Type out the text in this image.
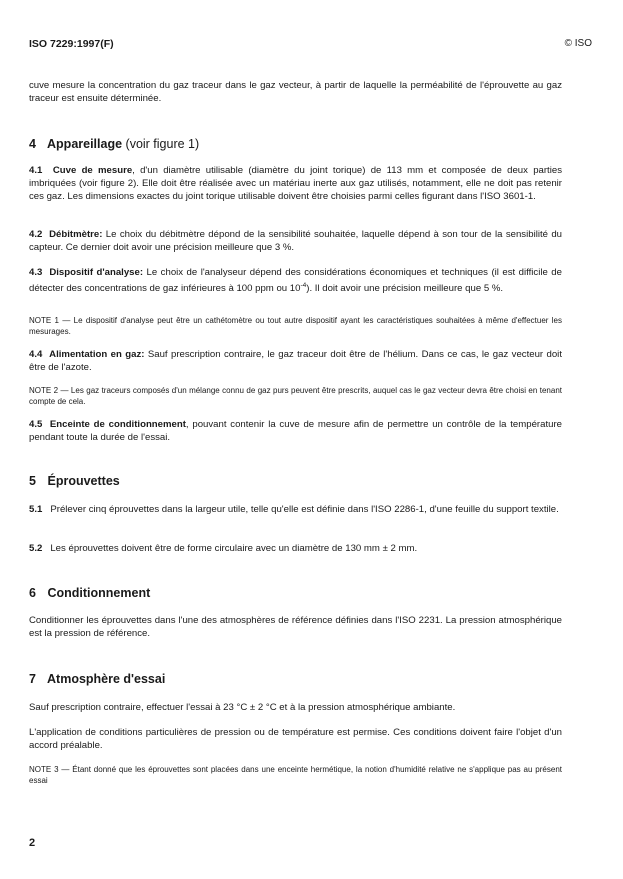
ISO 7229:1997(F)	© ISO
cuve mesure la concentration du gaz traceur dans le gaz vecteur, à partir de laquelle la perméabilité de l'éprouvette au gaz traceur est ensuite déterminée.
4 Appareillage (voir figure 1)
4.1 Cuve de mesure, d'un diamètre utilisable (diamètre du joint torique) de 113 mm et composée de deux parties imbriquées (voir figure 2). Elle doit être réalisée avec un matériau inerte aux gaz utilisés, notamment, elle ne doit pas retenir ces gaz. Les dimensions exactes du joint torique utilisable doivent être choisies parmi celles figurant dans l'ISO 3601-1.
4.2 Débitmètre: Le choix du débitmètre dépond de la sensibilité souhaitée, laquelle dépend à son tour de la sensibilité du capteur. Ce dernier doit avoir une précision meilleure que 3 %.
4.3 Dispositif d'analyse: Le choix de l'analyseur dépend des considérations économiques et techniques (il est difficile de détecter des concentrations de gaz inférieures à 100 ppm ou $10^{-4}$). Il doit avoir une précision meilleure que 5 %.
NOTE 1 — Le dispositif d'analyse peut être un cathétomètre ou tout autre dispositif ayant les caractéristiques souhaitées à même d'effectuer les mesurages.
4.4 Alimentation en gaz: Sauf prescription contraire, le gaz traceur doit être de l'hélium. Dans ce cas, le gaz vecteur doit être de l'azote.
NOTE 2 — Les gaz traceurs composés d'un mélange connu de gaz purs peuvent être prescrits, auquel cas le gaz vecteur devra être choisi en tenant compte de cela.
4.5 Enceinte de conditionnement, pouvant contenir la cuve de mesure afin de permettre un contrôle de la température pendant toute la durée de l'essai.
5 Éprouvettes
5.1 Prélever cinq éprouvettes dans la largeur utile, telle qu'elle est définie dans l'ISO 2286-1, d'une feuille du support textile.
5.2 Les éprouvettes doivent être de forme circulaire avec un diamètre de 130 mm ± 2 mm.
6 Conditionnement
Conditionner les éprouvettes dans l'une des atmosphères de référence définies dans l'ISO 2231. La pression atmosphérique est la pression de référence.
7 Atmosphère d'essai
Sauf prescription contraire, effectuer l'essai à 23 °C ± 2 °C et à la pression atmosphérique ambiante.
L'application de conditions particulières de pression ou de température est permise. Ces conditions doivent faire l'objet d'un accord préalable.
NOTE 3 — Étant donné que les éprouvettes sont placées dans une enceinte hermétique, la notion d'humidité relative ne s'applique pas au présent essai
2
